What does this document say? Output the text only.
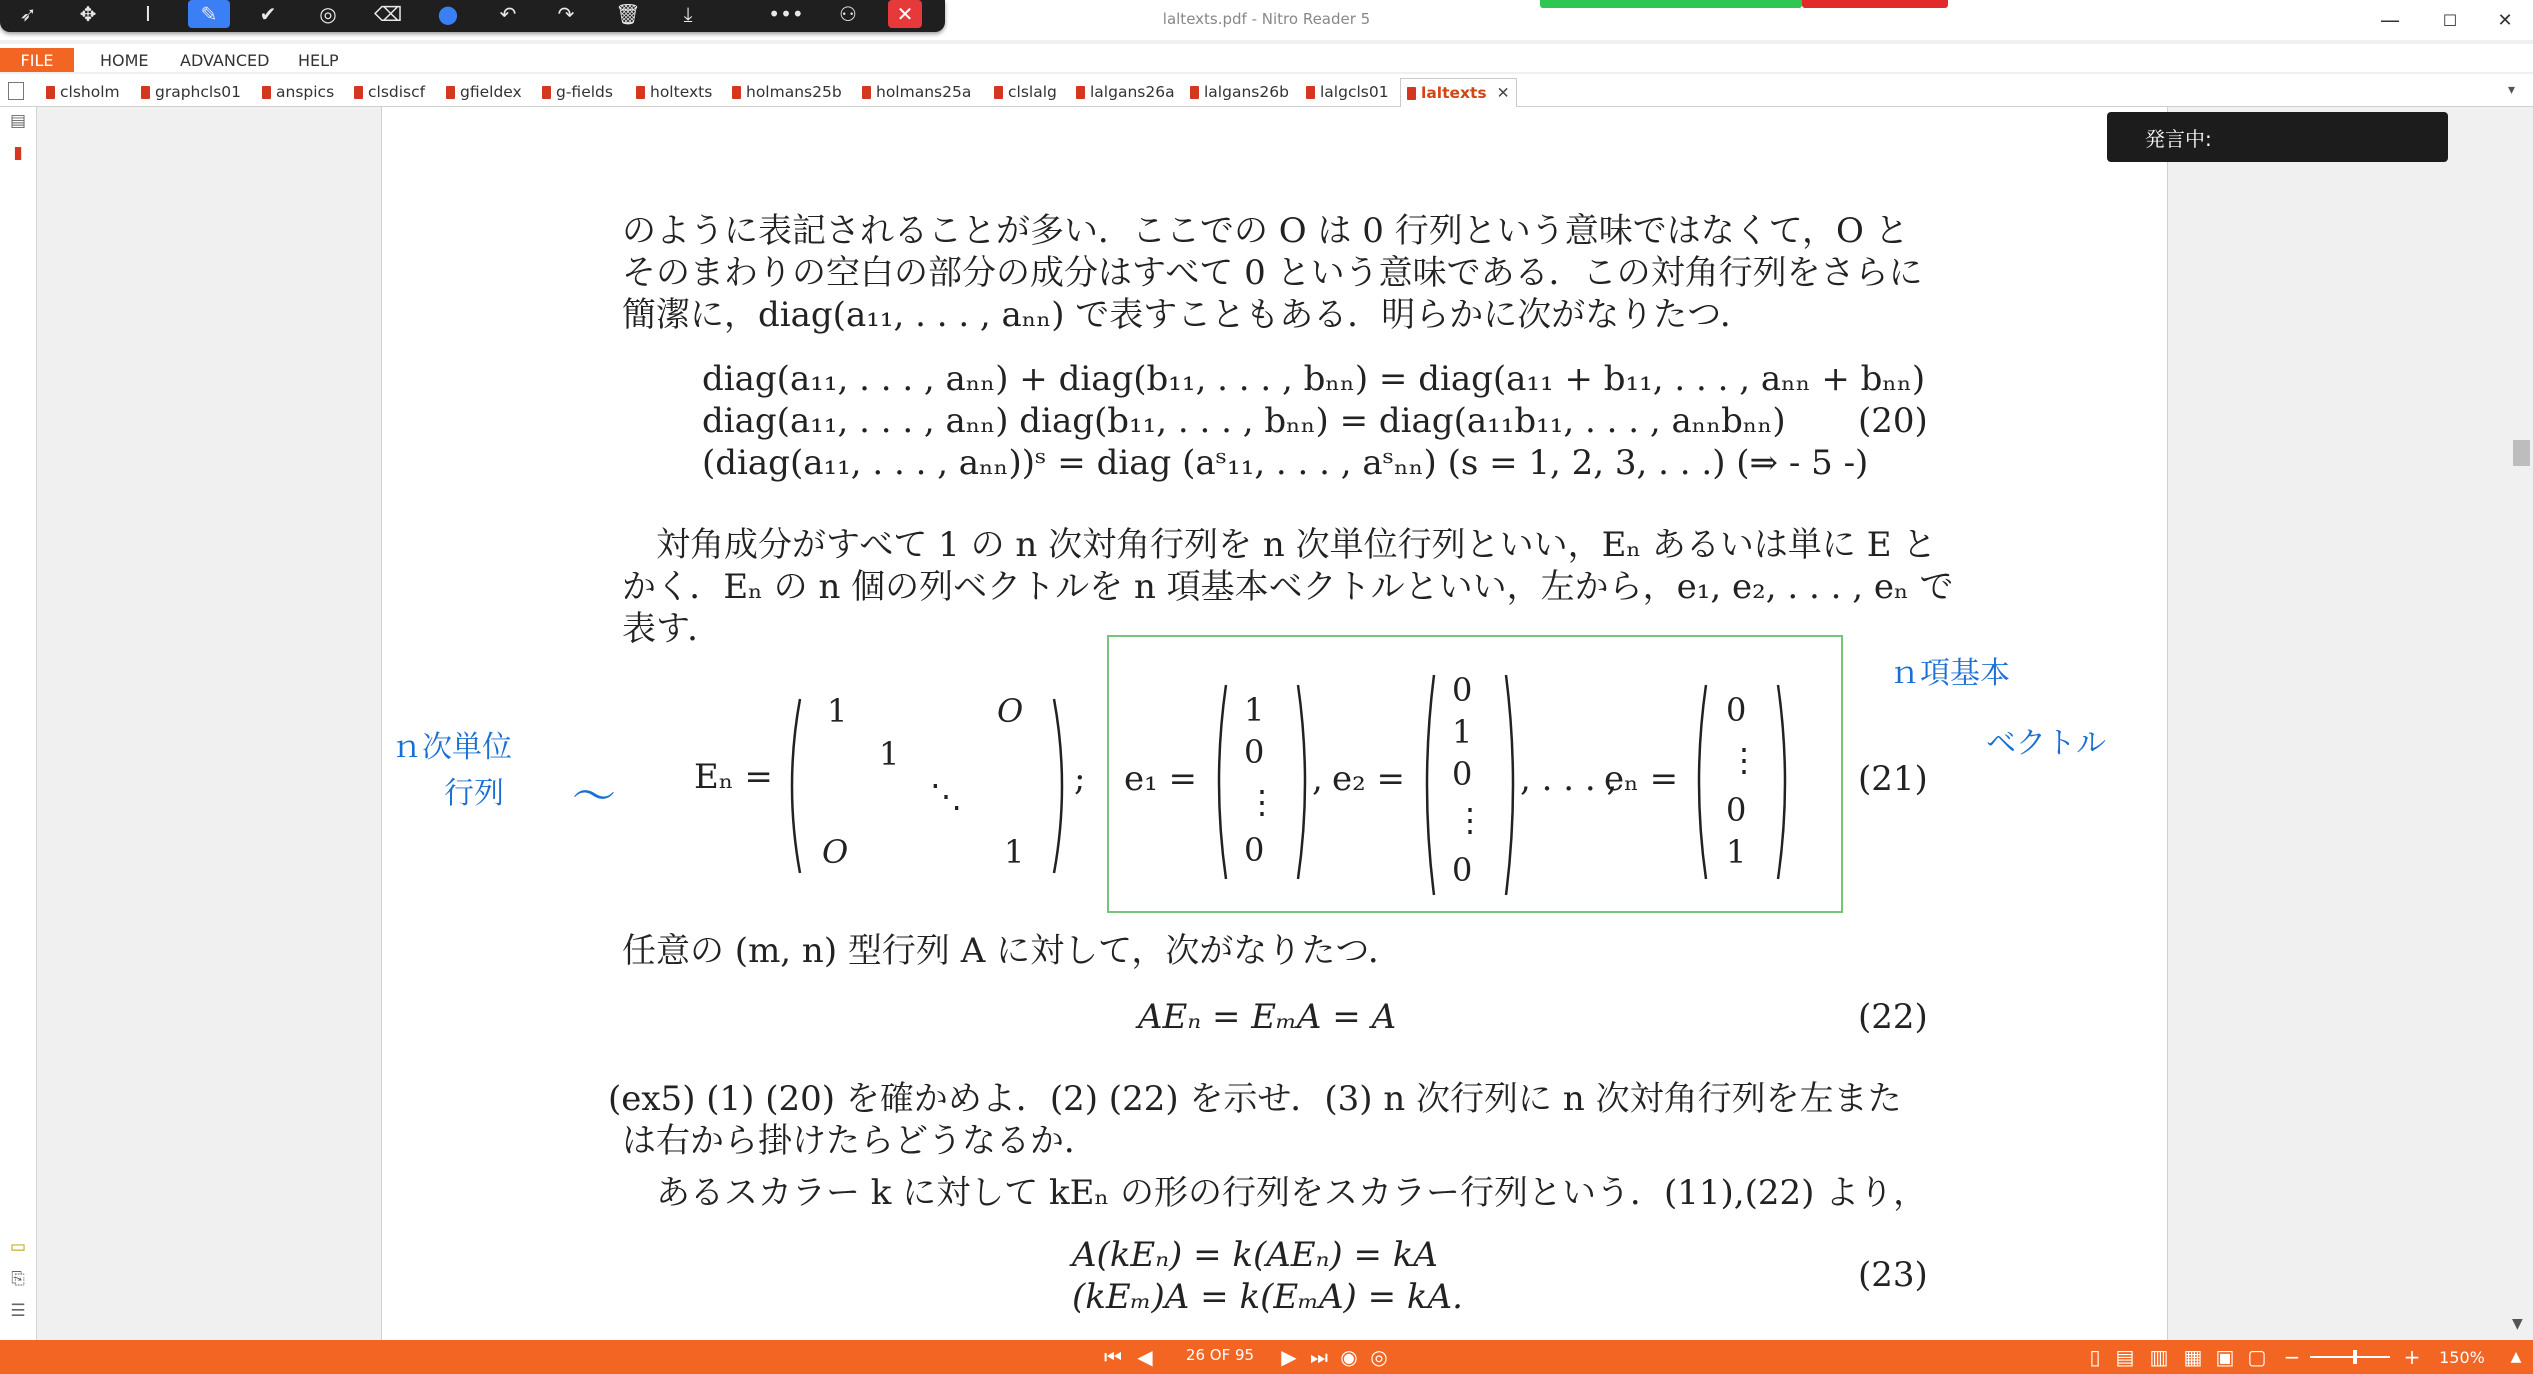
laltexts.pdf - Nitro Reader 5	—	☐	✕
➶	✥	I	✎	✔	◎	⌫	●	↶	↷	🗑	⤓	•••	⚇	✕
FILE	HOME	ADVANCED	HELP
clsholm graphcls01 anspics clsdiscf gfieldex g-fields holtexts holmans25b holmans25a clslalg lalgans26a lalgans26b lalgcls01 laltexts ✕	▾
▤
▮
▭
⎘
☰
のように表記されることが多い．ここでの O は 0 行列という意味ではなくて，O と
そのまわりの空白の部分の成分はすべて 0 という意味である．この対角行列をさらに
簡潔に，diag(a₁₁, . . . , aₙₙ) で表すこともある．明らかに次がなりたつ．
diag(a₁₁, . . . , aₙₙ) + diag(b₁₁, . . . , bₙₙ) = diag(a₁₁ + b₁₁, . . . , aₙₙ + bₙₙ)
diag(a₁₁, . . . , aₙₙ) diag(b₁₁, . . . , bₙₙ) = diag(a₁₁b₁₁, . . . , aₙₙbₙₙ)
(diag(a₁₁, . . . , aₙₙ))ˢ = diag (aˢ₁₁, . . . , aˢₙₙ) (s = 1, 2, 3, . . .) (⇒ - 5 -)
(20)
　対角成分がすべて 1 の n 次対角行列を n 次単位行列といい，Eₙ あるいは単に E と
かく．Eₙ の n 個の列ベクトルを n 項基本ベクトルといい，左から，e₁, e₂, . . . , eₙ で
表す．
Eₙ =
1	O
1
⋱
O	1
; e₁ =
1
0
⋮
0
, e₂ =
0
1
0
⋮
0
, . . . ,
eₙ =
0
⋮
0
1
(21)
任意の (m, n) 型行列 A に対して，次がなりたつ．
AEₙ = EₘA = A	(22)
(ex5) (1) (20) を確かめよ．(2) (22) を示せ．(3) n 次行列に n 次対角行列を左また
は右から掛けたらどうなるか．
　あるスカラー k に対して kEₙ の形の行列をスカラー行列という．(11),(22) より，
A(kEₙ) = k(AEₙ) = kA
(kEₘ)A = k(EₘA) = kA.
(23)
ｎ次単位
行列 〜
ｎ項基本
ベクトル
発言中:
▼
⏮ ◀	▶ ⏭ ◉ ◎	▯ ▤ ▥ ▦ ▣ ▢ −	+	150%	▲
26 OF 95
